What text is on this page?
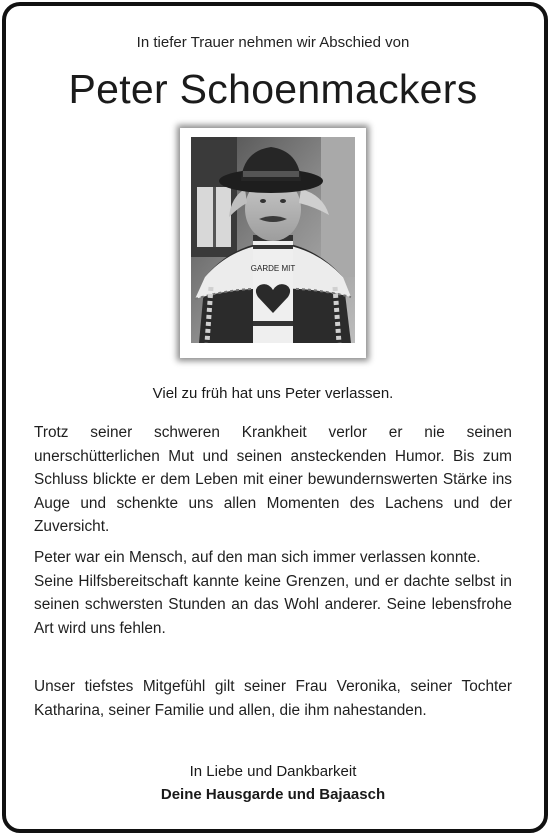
In tiefer Trauer nehmen wir Abschied von
Peter Schoenmackers
GARDE MIT
Viel zu früh hat uns Peter verlassen.

Trotz seiner schweren Krankheit verlor er nie seinen unerschütterlichen Mut und seinen ansteckenden Humor. Bis zum Schluss blickte er dem Leben mit einer bewundernswerten Stärke ins Auge und schenkte uns allen Momenten des Lachens und der Zuversicht.

Peter war ein Mensch, auf den man sich immer verlassen konnte.

Seine Hilfsbereitschaft kannte keine Grenzen, und er dachte selbst in seinen schwersten Stunden an das Wohl anderer. Seine lebensfrohe Art wird uns fehlen.

Unser tiefstes Mitgefühl gilt seiner Frau Veronika, seiner Tochter Katharina, seiner Familie und allen, die ihm nahestanden.

In Liebe und Dankbarkeit
Deine Hausgarde und Bajaasch
